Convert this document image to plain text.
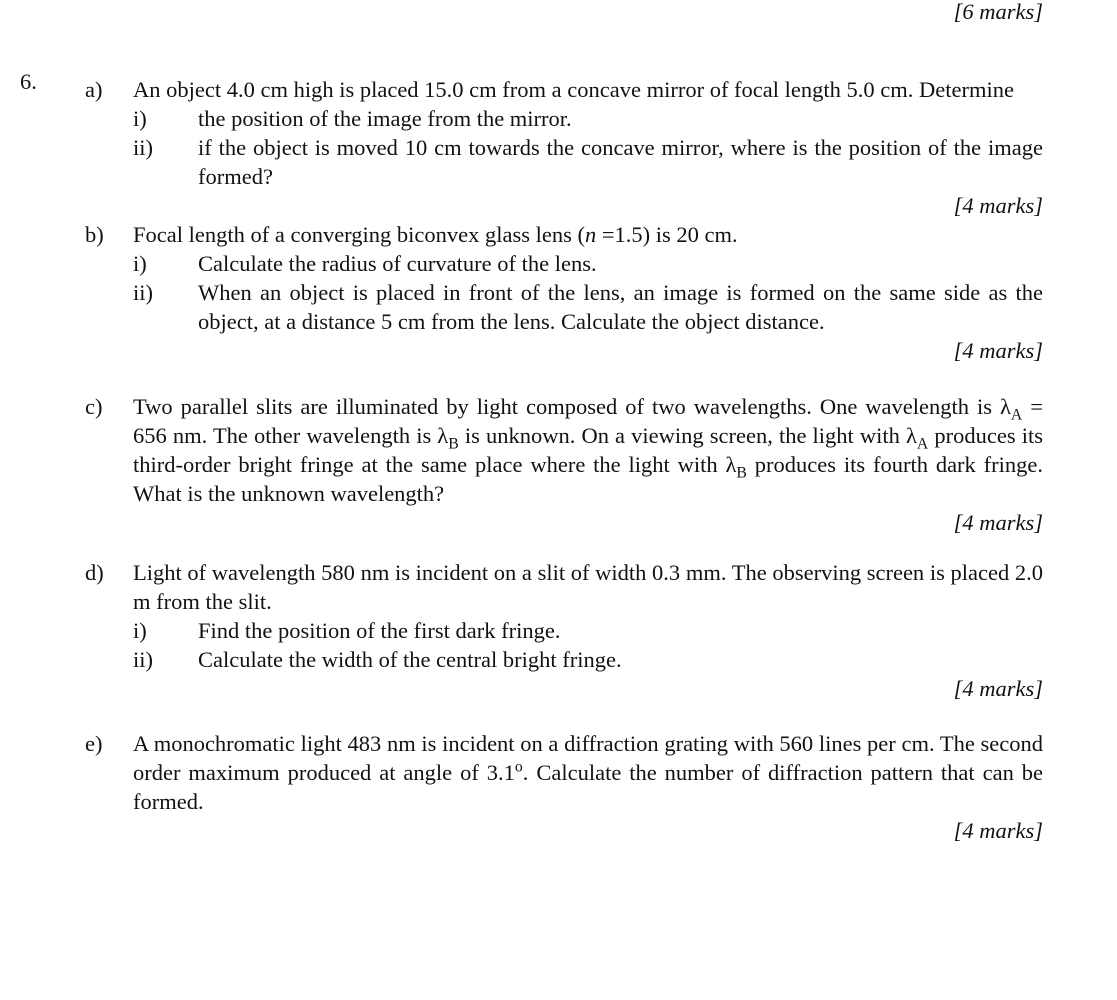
[6 marks]
6.	a)	An object 4.0 cm high is placed 15.0 cm from a concave mirror of focal length 5.0 cm. Determine

i)	the position of the image from the mirror.

ii)	if the object is moved 10 cm towards the concave mirror, where is the position of the image formed?

[4 marks]
b)	Focal length of a converging biconvex glass lens (n =1.5) is 20 cm.

i)	Calculate the radius of curvature of the lens.

ii)	When an object is placed in front of the lens, an image is formed on the same side as the object, at a distance 5 cm from the lens. Calculate the object distance.

[4 marks]
c)	Two parallel slits are illuminated by light composed of two wavelengths. One wavelength is $\lambda_A = 656$ nm. The other wavelength is $\lambda_B$ is unknown. On a viewing screen, the light with $\lambda_A$ produces its third-order bright fringe at the same place where the light with $\lambda_B$ produces its fourth dark fringe. What is the unknown wavelength?

[4 marks]
d)	Light of wavelength 580 nm is incident on a slit of width 0.3 mm. The observing screen is placed 2.0 m from the slit.

i)	Find the position of the first dark fringe.

ii)	Calculate the width of the central bright fringe.

[4 marks]
e)	A monochromatic light 483 nm is incident on a diffraction grating with 560 lines per cm. The second order maximum produced at angle of 3.1$^o$. Calculate the number of diffraction pattern that can be formed.

[4 marks]
